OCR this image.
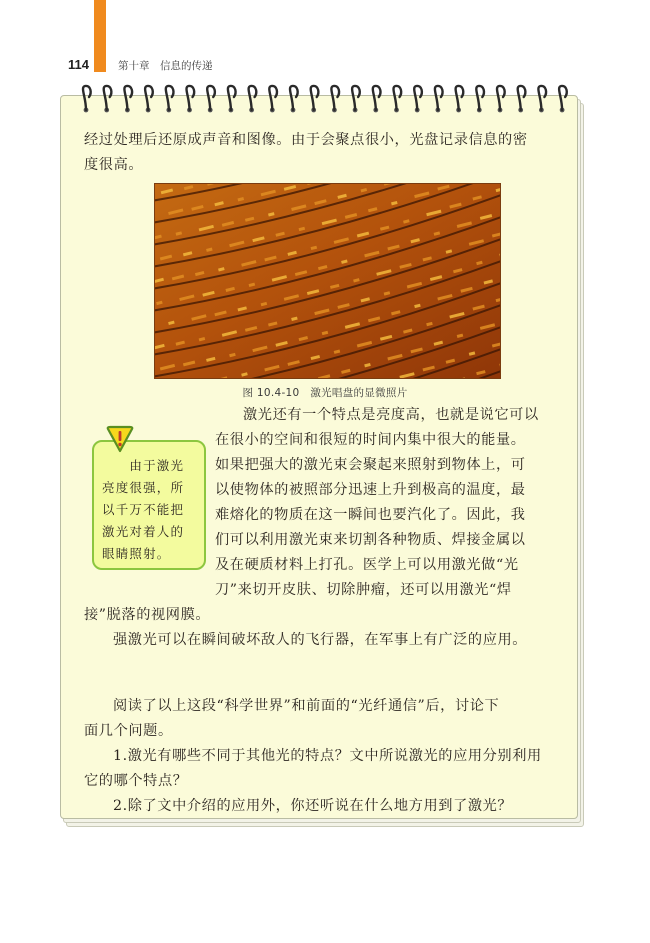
114	第十章　信息的传递

经过处理后还原成声音和图像。由于会聚点很小，光盘记录信息的密

度很高。

图 10.4-10　激光唱盘的显微照片

　　由于激光
亮度很强，所
以千万不能把
激光对着人的
眼睛照射。

激光还有一个特点是亮度高，也就是说它可以

在很小的空间和很短的时间内集中很大的能量。

如果把强大的激光束会聚起来照射到物体上，可

以使物体的被照部分迅速上升到极高的温度，最

难熔化的物质在这一瞬间也要汽化了。因此，我

们可以利用激光束来切割各种物质、焊接金属以

及在硬质材料上打孔。医学上可以用激光做“光

刀”来切开皮肤、切除肿瘤，还可以用激光“焊

接”脱落的视网膜。

强激光可以在瞬间破坏敌人的飞行器，在军事上有广泛的应用。

阅读了以上这段“科学世界”和前面的“光纤通信”后，讨论下

面几个问题。

1.激光有哪些不同于其他光的特点？文中所说激光的应用分别利用

它的哪个特点？

2.除了文中介绍的应用外，你还听说在什么地方用到了激光？
